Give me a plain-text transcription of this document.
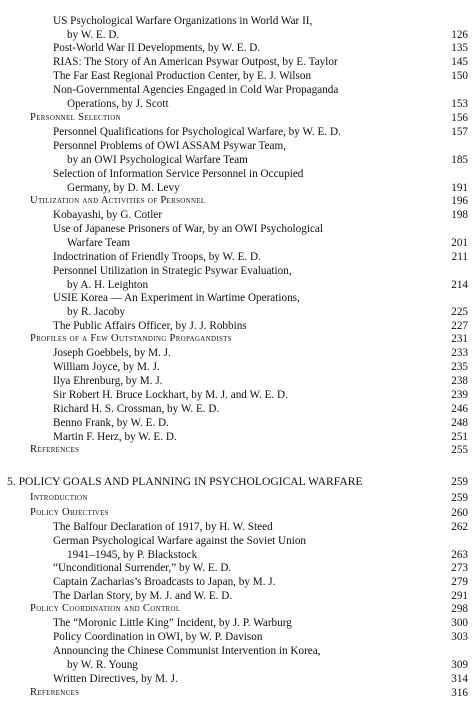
US Psychological Warfare Organizations in World War II,
by W. E. D.	126
Post-World War II Developments, by W. E. D.	135
RIAS: The Story of An American Psywar Outpost, by E. Taylor	145
The Far East Regional Production Center, by E. J. Wilson	150
Non-Governmental Agencies Engaged in Cold War Propaganda
Operations, by J. Scott	153
Personnel Selection	156
Personnel Qualifications for Psychological Warfare, by W. E. D.	157
Personnel Problems of OWI ASSAM Psywar Team,
by an OWI Psychological Warfare Team	185
Selection of Information Service Personnel in Occupied
Germany, by D. M. Levy	191
Utilization and Activities of Personnel	196
Kobayashi, by G. Cotler	198
Use of Japanese Prisoners of War, by an OWI Psychological
Warfare Team	201
Indoctrination of Friendly Troops, by W. E. D.	211
Personnel Utilization in Strategic Psywar Evaluation,
by A. H. Leighton	214
USIE Korea — An Experiment in Wartime Operations,
by R. Jacoby	225
The Public Affairs Officer, by J. J. Robbins	227
Profiles of a Few Outstanding Propagandists	231
Joseph Goebbels, by M. J.	233
William Joyce, by M. J.	235
Ilya Ehrenburg, by M. J.	238
Sir Robert H. Bruce Lockhart, by M. J. and W. E. D.	239
Richard H. S. Crossman, by W. E. D.	246
Benno Frank, by W. E. D.	248
Martin F. Herz, by W. E. D.	251
References	255
5. POLICY GOALS AND PLANNING IN PSYCHOLOGICAL WARFARE	259
Introduction	259
Policy Objectives	260
The Balfour Declaration of 1917, by H. W. Steed	262
German Psychological Warfare against the Soviet Union
1941–1945, by P. Blackstock	263
“Unconditional Surrender,” by W. E. D.	273
Captain Zacharias’s Broadcasts to Japan, by M. J.	279
The Darlan Story, by M. J. and W. E. D.	291
Policy Coordination and Control	298
The “Moronic Little King” Incident, by J. P. Warburg	300
Policy Coordination in OWI, by W. P. Davison	303
Announcing the Chinese Communist Intervention in Korea,
by W. R. Young	309
Written Directives, by M. J.	314
References	316
